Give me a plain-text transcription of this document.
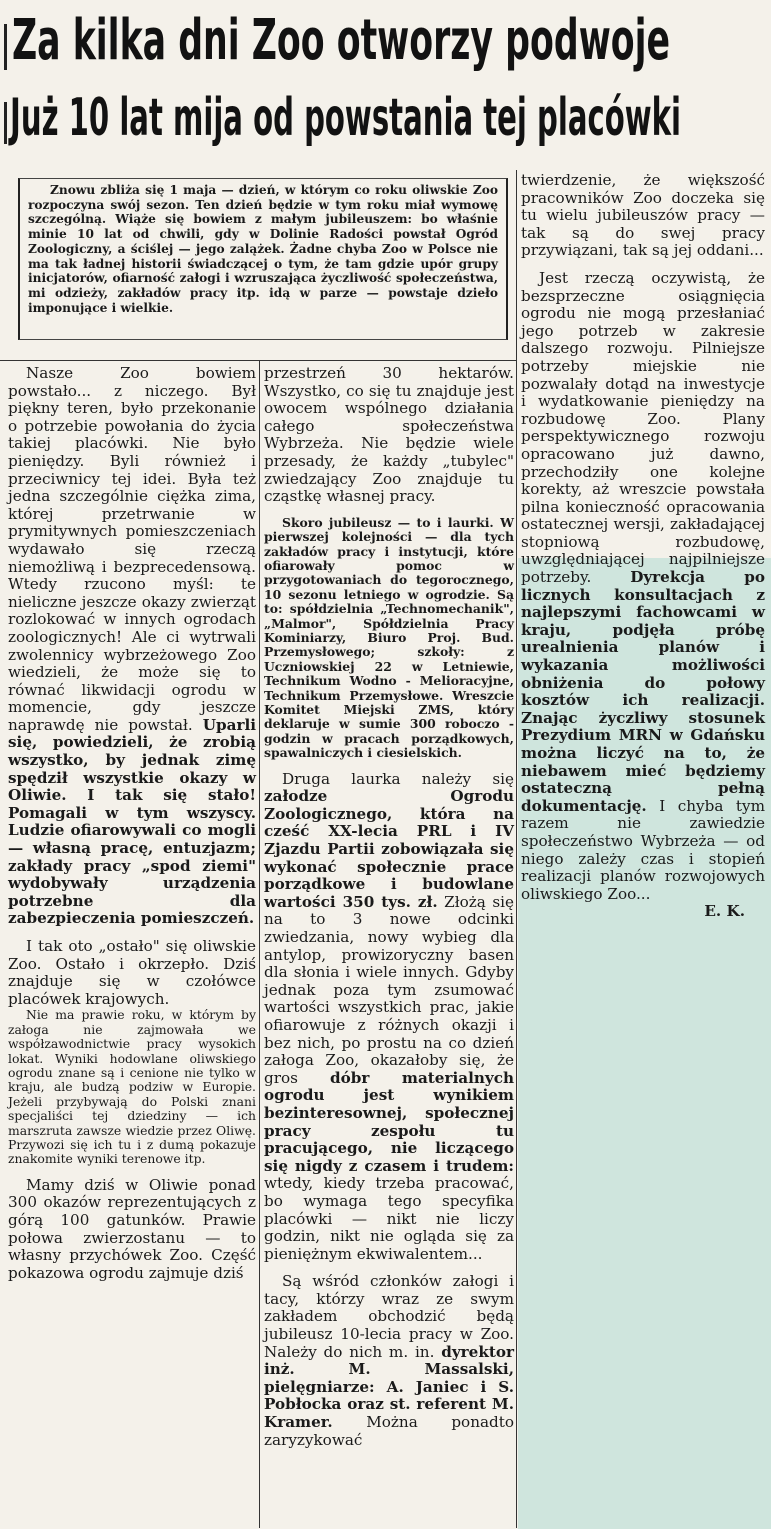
Za kilka dni Zoo otworzy podwoje
Już 10 lat mija od powstania tej placówki

Znowu zbliża się 1 maja — dzień, w którym co roku oliwskie Zoo rozpoczyna swój sezon. Ten dzień będzie w tym roku miał wymowę szczególną. Wiąże się bowiem z małym jubileuszem: bo właśnie minie 10 lat od chwili, gdy w Dolinie Radości powstał Ogród Zoologiczny, a ściślej — jego zalążek. Żadne chyba Zoo w Polsce nie ma tak ładnej historii świadczącej o tym, że tam gdzie upór grupy inicjatorów, ofiarność załogi i wzruszająca życzliwość społeczeństwa, mi odzieży, zakładów pracy itp. idą w parze — powstaje dzieło imponujące i wielkie.

Nasze Zoo bowiem powstało... z niczego. Był piękny teren, było przekonanie o potrzebie powołania do życia takiej placówki. Nie było pieniędzy. Byli również i przeciwnicy tej idei. Była też jedna szczególnie ciężka zima, której przetrwanie w prymitywnych pomieszczeniach wydawało się rzeczą niemożliwą i bezprecedensową. Wtedy rzucono myśl: te nieliczne jeszcze okazy zwierząt rozlokować w innych ogrodach zoologicznych! Ale ci wytrwali zwolennicy wybrzeżowego Zoo wiedzieli, że może się to równać likwidacji ogrodu w momencie, gdy jeszcze naprawdę nie powstał. Uparli się, powiedzieli, że zrobią wszystko, by jednak zimę spędził wszystkie okazy w Oliwie. I tak się stało! Pomagali w tym wszyscy. Ludzie ofiarowywali co mogli — własną pracę, entuzjazm; zakłady pracy „spod ziemi" wydobywały urządzenia potrzebne dla zabezpieczenia pomieszczeń.

I tak oto „ostało" się oliwskie Zoo. Ostało i okrzepło. Dziś znajduje się w czołówce placówek krajowych.

Nie ma prawie roku, w którym by załoga nie zajmowała we współzawodnictwie pracy wysokich lokat. Wyniki hodowlane oliwskiego ogrodu znane są i cenione nie tylko w kraju, ale budzą podziw w Europie. Jeżeli przybywają do Polski znani specjaliści tej dziedziny — ich marszruta zawsze wiedzie przez Oliwę. Przywozi się ich tu i z dumą pokazuje znakomite wyniki terenowe itp.

Mamy dziś w Oliwie ponad 300 okazów reprezentujących z górą 100 gatunków. Prawie połowa zwierzostanu — to własny przychówek Zoo. Część pokazowa ogrodu zajmuje dziś

przestrzeń 30 hektarów. Wszystko, co się tu znajduje jest owocem wspólnego działania całego społeczeństwa Wybrzeża. Nie będzie wiele przesady, że każdy „tubylec" zwiedzający Zoo znajduje tu cząstkę własnej pracy.

Skoro jubileusz — to i laurki. W pierwszej kolejności — dla tych zakładów pracy i instytucji, które ofiarowały pomoc w przygotowaniach do tegorocznego, 10 sezonu letniego w ogrodzie. Są to: spółdzielnia „Technomechanik", „Malmor", Spółdzielnia Pracy Kominiarzy, Biuro Proj. Bud. Przemysłowego; szkoły: z Uczniowskiej 22 w Letniewie, Technikum Wodno - Melioracyjne, Technikum Przemysłowe. Wreszcie Komitet Miejski ZMS, który deklaruje w sumie 300 roboczo - godzin w pracach porządkowych, spawalniczych i ciesielskich.

Druga laurka należy się załodze Ogrodu Zoologicznego, która na cześć XX-lecia PRL i IV Zjazdu Partii zobowiązała się wykonać społecznie prace porządkowe i budowlane wartości 350 tys. zł. Złożą się na to 3 nowe odcinki zwiedzania, nowy wybieg dla antylop, prowizoryczny basen dla słonia i wiele innych. Gdyby jednak poza tym zsumować wartości wszystkich prac, jakie ofiarowuje z różnych okazji i bez nich, po prostu na co dzień załoga Zoo, okazałoby się, że gros dóbr materialnych ogrodu jest wynikiem bezinteresownej, społecznej pracy zespołu tu pracującego, nie liczącego się nigdy z czasem i trudem: wtedy, kiedy trzeba pracować, bo wymaga tego specyfika placówki — nikt nie liczy godzin, nikt nie ogląda się za pieniężnym ekwiwalentem...

Są wśród członków załogi i tacy, którzy wraz ze swym zakładem obchodzić będą jubileusz 10-lecia pracy w Zoo. Należy do nich m. in. dyrektor inż. M. Massalski, pielęgniarze: A. Janiec i S. Pobłocka oraz st. referent M. Kramer. Można ponadto zaryzykować

twierdzenie, że większość pracowników Zoo doczeka się tu wielu jubileuszów pracy — tak są do swej pracy przywiązani, tak są jej oddani...

Jest rzeczą oczywistą, że bezsprzeczne osiągnięcia ogrodu nie mogą przesłaniać jego potrzeb w zakresie dalszego rozwoju. Pilniejsze potrzeby miejskie nie pozwalały dotąd na inwestycje i wydatkowanie pieniędzy na rozbudowę Zoo. Plany perspektywicznego rozwoju opracowano już dawno, przechodziły one kolejne korekty, aż wreszcie powstała pilna konieczność opracowania ostatecznej wersji, zakładającej stopniową rozbudowę, uwzględniającej najpilniejsze potrzeby.	Dyrekcja po licznych konsultacjach z najlepszymi fachowcami w kraju, podjęła próbę urealnienia planów i wykazania możliwości obniżenia do połowy kosztów ich realizacji. Znając życzliwy stosunek Prezydium MRN w Gdańsku można liczyć na to, że niebawem mieć będziemy ostateczną pełną dokumentację. I chyba tym razem nie zawiedzie społeczeństwo Wybrzeża — od niego zależy czas i stopień realizacji planów rozwojowych oliwskiego Zoo...

E. K.
